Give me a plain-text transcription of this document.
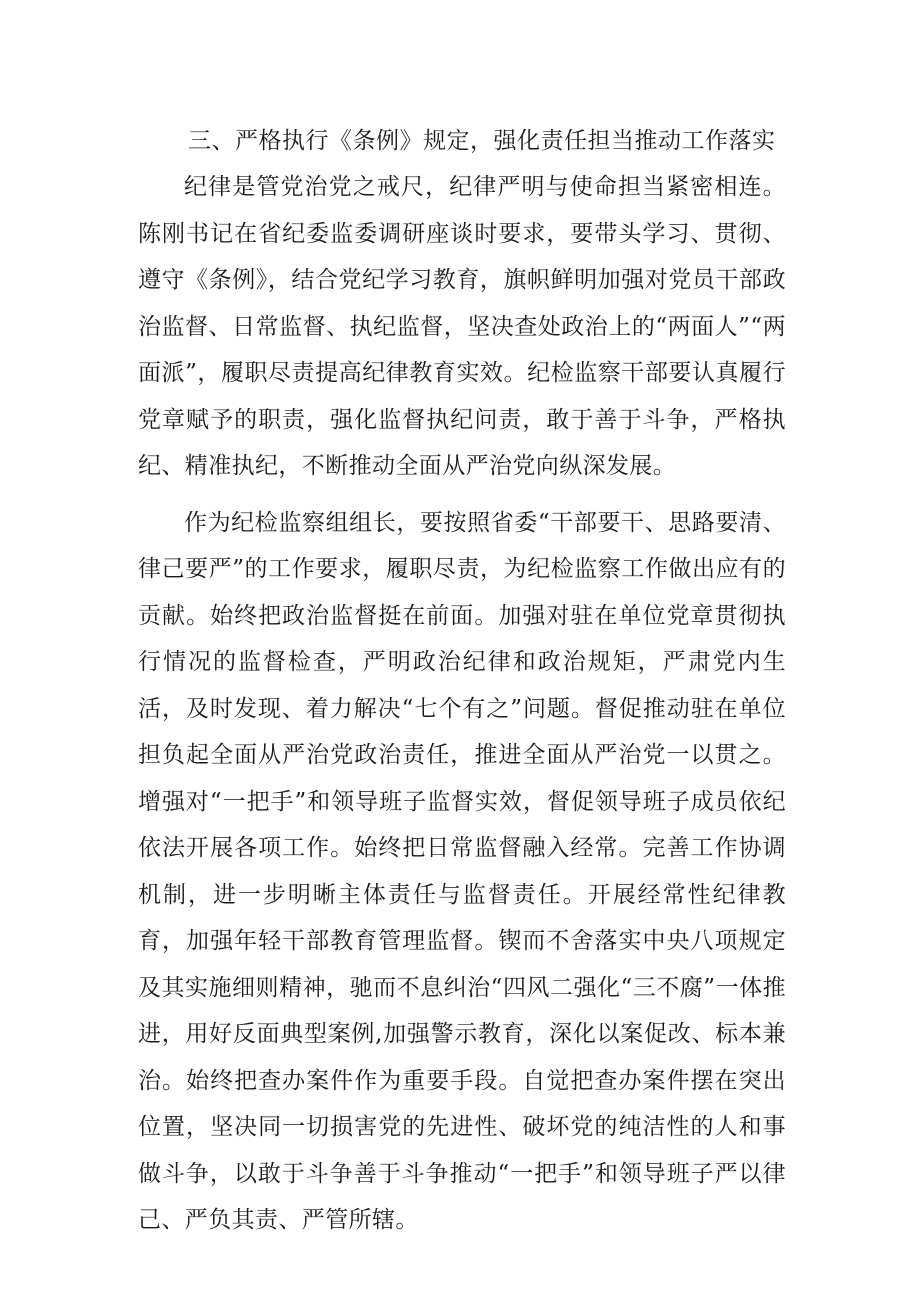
三、严格执行《条例》规定，强化责任担当推动工作落实

纪律是管党治党之戒尺，纪律严明与使命担当紧密相连。陈刚书记在省纪委监委调研座谈时要求，要带头学习、贯彻、遵守《条例》，结合党纪学习教育，旗帜鲜明加强对党员干部政治监督、日常监督、执纪监督，坚决查处政治上的“两面人”“两面派”，履职尽责提高纪律教育实效。纪检监察干部要认真履行党章赋予的职责，强化监督执纪问责，敢于善于斗争，严格执纪、精准执纪，不断推动全面从严治党向纵深发展。

作为纪检监察组组长，要按照省委“干部要干、思路要清、律己要严”的工作要求，履职尽责，为纪检监察工作做出应有的贡献。始终把政治监督挺在前面。加强对驻在单位党章贯彻执行情况的监督检查，严明政治纪律和政治规矩，严肃党内生活，及时发现、着力解决“七个有之”问题。督促推动驻在单位担负起全面从严治党政治责任，推进全面从严治党一以贯之。增强对“一把手”和领导班子监督实效，督促领导班子成员依纪依法开展各项工作。始终把日常监督融入经常。完善工作协调机制，进一步明晰主体责任与监督责任。开展经常性纪律教育，加强年轻干部教育管理监督。锲而不舍落实中央八项规定及其实施细则精神，驰而不息纠治“四风二强化“三不腐”一体推进，用好反面典型案例,加强警示教育，深化以案促改、标本兼治。始终把查办案件作为重要手段。自觉把查办案件摆在突出位置，坚决同一切损害党的先进性、破坏党的纯洁性的人和事做斗争，以敢于斗争善于斗争推动“一把手”和领导班子严以律己、严负其责、严管所辖。
